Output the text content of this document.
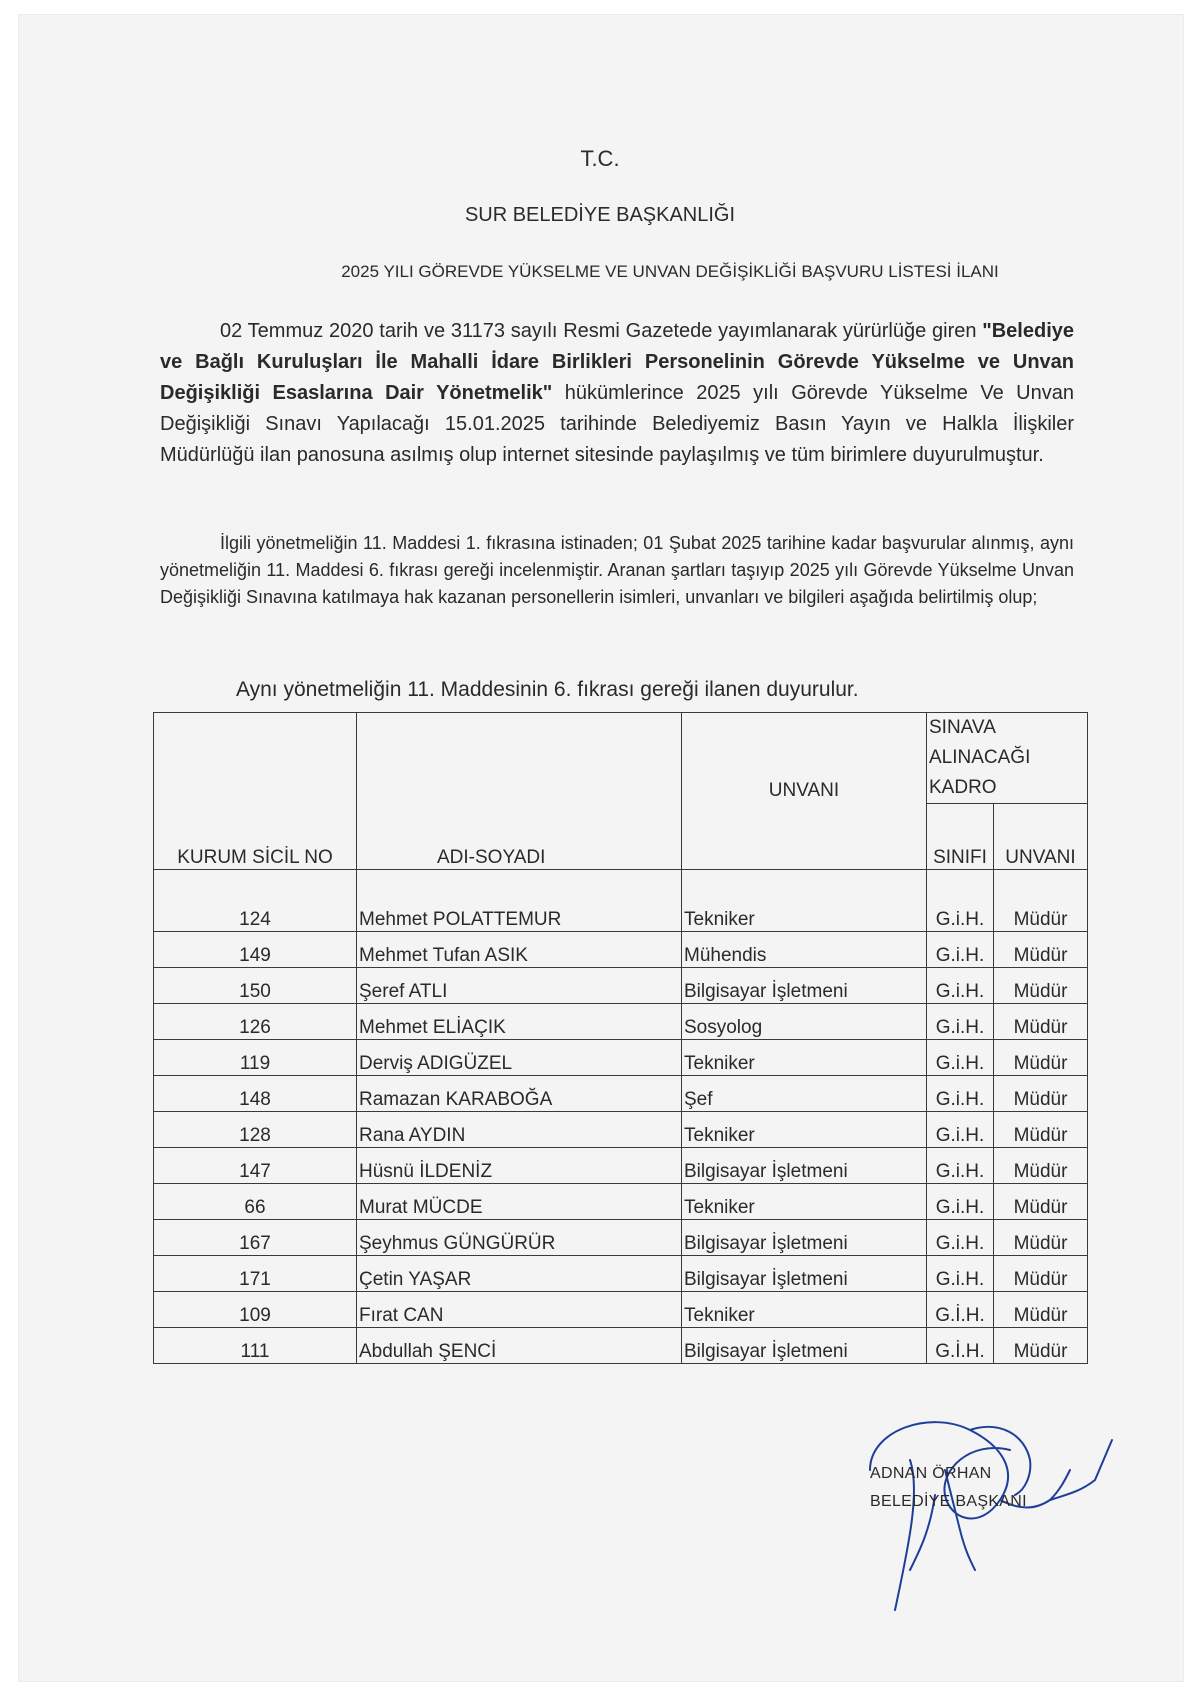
T.C.
SUR BELEDİYE BAŞKANLIĞI
2025 YILI GÖREVDE YÜKSELME VE UNVAN DEĞİŞİKLİĞİ BAŞVURU LİSTESİ İLANI
02 Temmuz 2020 tarih ve 31173 sayılı Resmi Gazetede yayımlanarak yürürlüğe giren "Belediye ve Bağlı Kuruluşları İle Mahalli İdare Birlikleri Personelinin Görevde Yükselme ve Unvan Değişikliği Esaslarına Dair Yönetmelik" hükümlerince 2025 yılı Görevde Yükselme Ve Unvan Değişikliği Sınavı Yapılacağı 15.01.2025 tarihinde Belediyemiz Basın Yayın ve Halkla İlişkiler Müdürlüğü ilan panosuna asılmış olup internet sitesinde paylaşılmış ve tüm birimlere duyurulmuştur.
İlgili yönetmeliğin 11. Maddesi 1. fıkrasına istinaden; 01 Şubat 2025 tarihine kadar başvurular alınmış, aynı yönetmeliğin 11. Maddesi 6. fıkrası gereği incelenmiştir. Aranan şartları taşıyıp 2025 yılı Görevde Yükselme Unvan Değişikliği Sınavına katılmaya hak kazanan personellerin isimleri, unvanları ve bilgileri aşağıda belirtilmiş olup;
Aynı yönetmeliğin 11. Maddesinin 6. fıkrası gereği ilanen duyurulur.
KURUM SİCİL NO	ADI-SOYADI	UNVANI	SINAVA ALINACAĞI KADRO	
			SINIFI	UNVANI
124	Mehmet POLATTEMUR	Tekniker	G.i.H.	Müdür
149	Mehmet Tufan ASIK	Mühendis	G.i.H.	Müdür
150	Şeref ATLI	Bilgisayar İşletmeni	G.i.H.	Müdür
126	Mehmet ELİAÇIK	Sosyolog	G.i.H.	Müdür
119	Derviş ADIGÜZEL	Tekniker	G.i.H.	Müdür
148	Ramazan KARABOĞA	Şef	G.i.H.	Müdür
128	Rana AYDIN	Tekniker	G.i.H.	Müdür
147	Hüsnü İLDENİZ	Bilgisayar İşletmeni	G.i.H.	Müdür
66	Murat MÜCDE	Tekniker	G.i.H.	Müdür
167	Şeyhmus GÜNGÜRÜR	Bilgisayar İşletmeni	G.i.H.	Müdür
171	Çetin YAŞAR	Bilgisayar İşletmeni	G.i.H.	Müdür
109	Fırat CAN	Tekniker	G.İ.H.	Müdür
111	Abdullah ŞENCİ	Bilgisayar İşletmeni	G.İ.H.	Müdür
ADNAN ÖRHAN
BELEDİYE BAŞKANI
